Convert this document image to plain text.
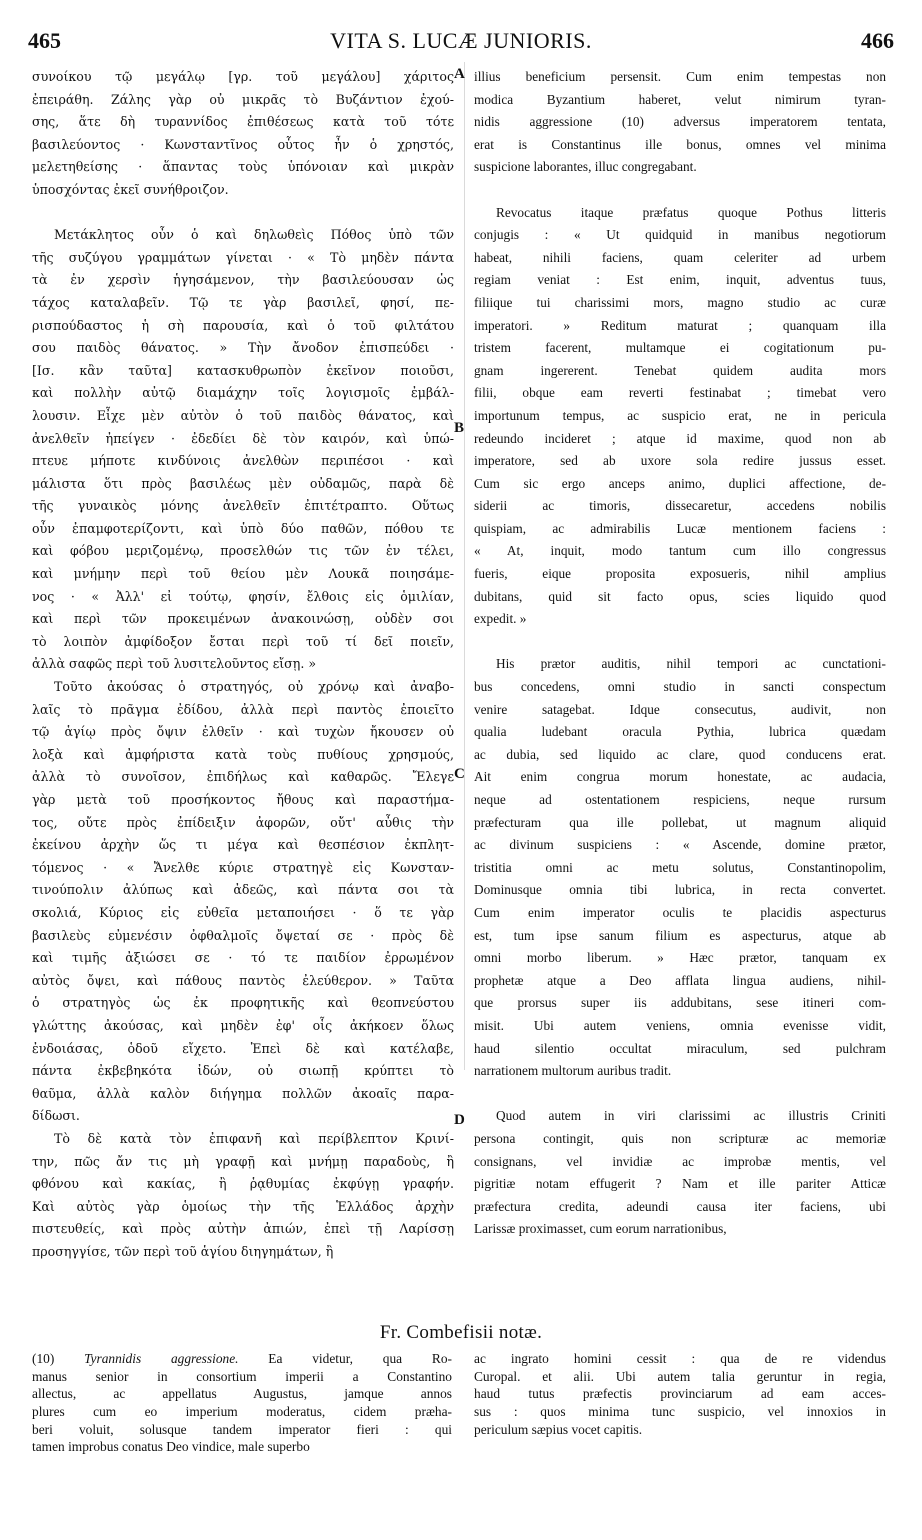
465	VITA S. LUCÆ JUNIORIS.	466
συνοίκου τῷ μεγάλῳ [γρ. τοῦ μεγάλου] χάριτος
ἐπειράθη. Ζάλης γὰρ οὐ μικρᾶς τὸ Βυζάντιον ἐχού-
σης, ἅτε δὴ τυραννίδος ἐπιθέσεως κατὰ τοῦ τότε
βασιλεύοντος · Κωνσταντῖνος οὗτος ἦν ὁ χρηστός,
μελετηθείσης · ἅπαντας τοὺς ὑπόνοιαν καὶ μικρὰν
ὑποσχόντας ἐκεῖ συνήθροιζον.
Μετάκλητος οὖν ὁ καὶ δηλωθεὶς Πόθος ὑπὸ τῶν
τῆς συζύγου γραμμάτων γίνεται · « Τὸ μηδὲν πάντα
τὰ ἐν χερσὶν ἡγησάμενον, τὴν βασιλεύουσαν ὡς
τάχος καταλαβεῖν. Τῷ τε γὰρ βασιλεῖ, φησί, πε-
ρισπούδαστος ἡ σὴ παρουσία, καὶ ὁ τοῦ φιλτάτου
σου παιδὸς θάνατος. » Τὴν ἄνοδον ἐπισπεύδει ·
[Ισ. κἂν ταῦτα] κατασκυθρωπὸν ἐκεῖνον ποιοῦσι,
καὶ πολλὴν αὐτῷ διαμάχην τοῖς λογισμοῖς ἐμβάλ-
λουσιν. Εἶχε μὲν αὐτὸν ὁ τοῦ παιδὸς θάνατος, καὶ
ἀνελθεῖν ἠπείγεν · ἐδεδίει δὲ τὸν καιρόν, καὶ ὑπώ-
πτευε μήποτε κινδύνοις ἀνελθὼν περιπέσοι · καὶ
μάλιστα ὅτι πρὸς βασιλέως μὲν οὐδαμῶς, παρὰ δὲ
τῆς γυναικὸς μόνης ἀνελθεῖν ἐπιτέτραπτο. Οὕτως
οὖν ἐπαμφοτερίζοντι, καὶ ὑπὸ δύο παθῶν, πόθου τε
καὶ φόβου μεριζομένῳ, προσελθών τις τῶν ἐν τέλει,
καὶ μνήμην περὶ τοῦ θείου μὲν Λουκᾶ ποιησάμε-
νος · « Ἀλλ' εἰ τούτῳ, φησίν, ἔλθοις εἰς ὁμιλίαν,
καὶ περὶ τῶν προκειμένων ἀνακοινώσῃ, οὐδὲν σοι
τὸ λοιπὸν ἀμφίδοξον ἔσται περὶ τοῦ τί δεῖ ποιεῖν,
ἀλλὰ σαφῶς περὶ τοῦ λυσιτελοῦντος εἴσῃ. »
Τοῦτο ἀκούσας ὁ στρατηγός, οὐ χρόνῳ καὶ ἀναβο-
λαῖς τὸ πρᾶγμα ἐδίδου, ἀλλὰ περὶ παντὸς ἐποιεῖτο
τῷ ἁγίῳ πρὸς ὄψιν ἐλθεῖν · καὶ τυχὼν ἤκουσεν οὐ
λοξὰ καὶ ἀμφήριστα κατὰ τοὺς πυθίους χρησμούς,
ἀλλὰ τὸ συνοῖσον, ἐπιδήλως καὶ καθαρῶς. Ἔλεγε
γὰρ μετὰ τοῦ προσήκοντος ἤθους καὶ παραστήμα-
τος, οὔτε πρὸς ἐπίδειξιν ἀφορῶν, οὔτ' αὖθις τὴν
ἐκείνου ἀρχὴν ὥς τι μέγα καὶ θεσπέσιον ἐκπλητ-
τόμενος · « Ἄνελθε κύριε στρατηγὲ εἰς Κωνσταν-
τινούπολιν ἀλύπως καὶ ἀδεῶς, καὶ πάντα σοι τὰ
σκολιά, Κύριος εἰς εὐθεῖα μεταποιήσει · ὅ τε γὰρ
βασιλεὺς εὐμενέσιν ὀφθαλμοῖς ὄψεταί σε · πρὸς δὲ
καὶ τιμῆς ἀξιώσει σε · τό τε παιδίον ἐρρωμένον
αὐτὸς ὄψει, καὶ πάθους παντὸς ἐλεύθερον. » Ταῦτα
ὁ στρατηγὸς ὡς ἐκ προφητικῆς καὶ θεοπνεύστου
γλώττης ἀκούσας, καὶ μηδὲν ἐφ' οἷς ἀκήκοεν ὅλως
ἐνδοιάσας, ὁδοῦ εἴχετο. Ἐπεὶ δὲ καὶ κατέλαβε,
πάντα ἐκβεβηκότα ἰδών, οὐ σιωπῇ κρύπτει τὸ
θαῦμα, ἀλλὰ καλὸν διήγημα πολλῶν ἀκοαῖς παρα-
δίδωσι.
Τὸ δὲ κατὰ τὸν ἐπιφανῆ καὶ περίβλεπτον Κρινί-
την, πῶς ἄν τις μὴ γραφῇ καὶ μνήμῃ παραδοὺς, ἢ
φθόνου καὶ κακίας, ἢ ῥᾳθυμίας ἐκφύγῃ γραφήν.
Καὶ αὐτὸς γὰρ ὁμοίως τὴν τῆς Ἑλλάδος ἀρχὴν
πιστευθείς, καὶ πρὸς αὐτὴν ἀπιών, ἐπεὶ τῇ Λαρίσσῃ
προσηγγίσε, τῶν περὶ τοῦ ἁγίου διηγημάτων, ἢ
illius beneficium persensit. Cum enim tempestas non
modica Byzantium haberet, velut nimirum tyran-
nidis aggressione (10) adversus imperatorem tentata,
erat is Constantinus ille bonus, omnes vel minima
suspicione laborantes, illuc congregabant.
Revocatus itaque præfatus quoque Pothus litteris
conjugis : « Ut quidquid in manibus negotiorum
habeat, nihili faciens, quam celeriter ad urbem
regiam veniat : Est enim, inquit, adventus tuus,
filiique tui charissimi mors, magno studio ac curæ
imperatori. » Reditum maturat ; quanquam illa
tristem facerent, multamque ei cogitationum pu-
gnam ingererent. Tenebat quidem audita mors
filii, obque eam reverti festinabat ; timebat vero
importunum tempus, ac suspicio erat, ne in pericula
redeundo incideret ; atque id maxime, quod non ab
imperatore, sed ab uxore sola redire jussus esset.
Cum sic ergo anceps animo, duplici affectione, de-
siderii ac timoris, dissecaretur, accedens nobilis
quispiam, ac admirabilis Lucæ mentionem faciens :
« At, inquit, modo tantum cum illo congressus
fueris, eique proposita exposueris, nihil amplius
dubitans, quid sit facto opus, scies liquido quod
expedit. »
His prætor auditis, nihil tempori ac cunctationi-
bus concedens, omni studio in sancti conspectum
venire satagebat. Idque consecutus, audivit, non
qualia ludebant oracula Pythia, lubrica quædam
ac dubia, sed liquido ac clare, quod conducens erat.
Ait enim congrua morum honestate, ac audacia,
neque ad ostentationem respiciens, neque rursum
præfecturam qua ille pollebat, ut magnum aliquid
ac divinum suspiciens : « Ascende, domine prætor,
tristitia omni ac metu solutus, Constantinopolim,
Dominusque omnia tibi lubrica, in recta convertet.
Cum enim imperator oculis te placidis aspecturus
est, tum ipse sanum filium es aspecturus, atque ab
omni morbo liberum. » Hæc prætor, tanquam ex
prophetæ atque a Deo afflata lingua audiens, nihil-
que prorsus super iis addubitans, sese itineri com-
misit. Ubi autem veniens, omnia evenisse vidit,
haud silentio occultat miraculum, sed pulchram
narrationem multorum auribus tradit.
Quod autem in viri clarissimi ac illustris Criniti
persona contingit, quis non scripturæ ac memoriæ
consignans, vel invidiæ ac improbæ mentis, vel
pigritiæ notam effugerit ? Nam et ille pariter Atticæ
præfectura credita, adeundi causa iter faciens, ubi
Larissæ proximasset, cum eorum narrationibus,
A
B
C
D
Fr. Combefisii notæ.
(10) Tyrannidis aggressione. Ea videtur, qua Ro-
manus senior in consortium imperii a Constantino
allectus, ac appellatus Augustus, jamque annos
plures cum eo imperium moderatus, cidem præha-
beri voluit, solusque tandem imperator fieri : qui
tamen improbus conatus Deo vindice, male superbo
ac ingrato homini cessit : qua de re videndus
Curopal. et alii. Ubi autem talia geruntur in regia,
haud tutus præfectis provinciarum ad eam acces-
sus : quos minima tunc suspicio, vel innoxios in
periculum sæpius vocet capitis.
